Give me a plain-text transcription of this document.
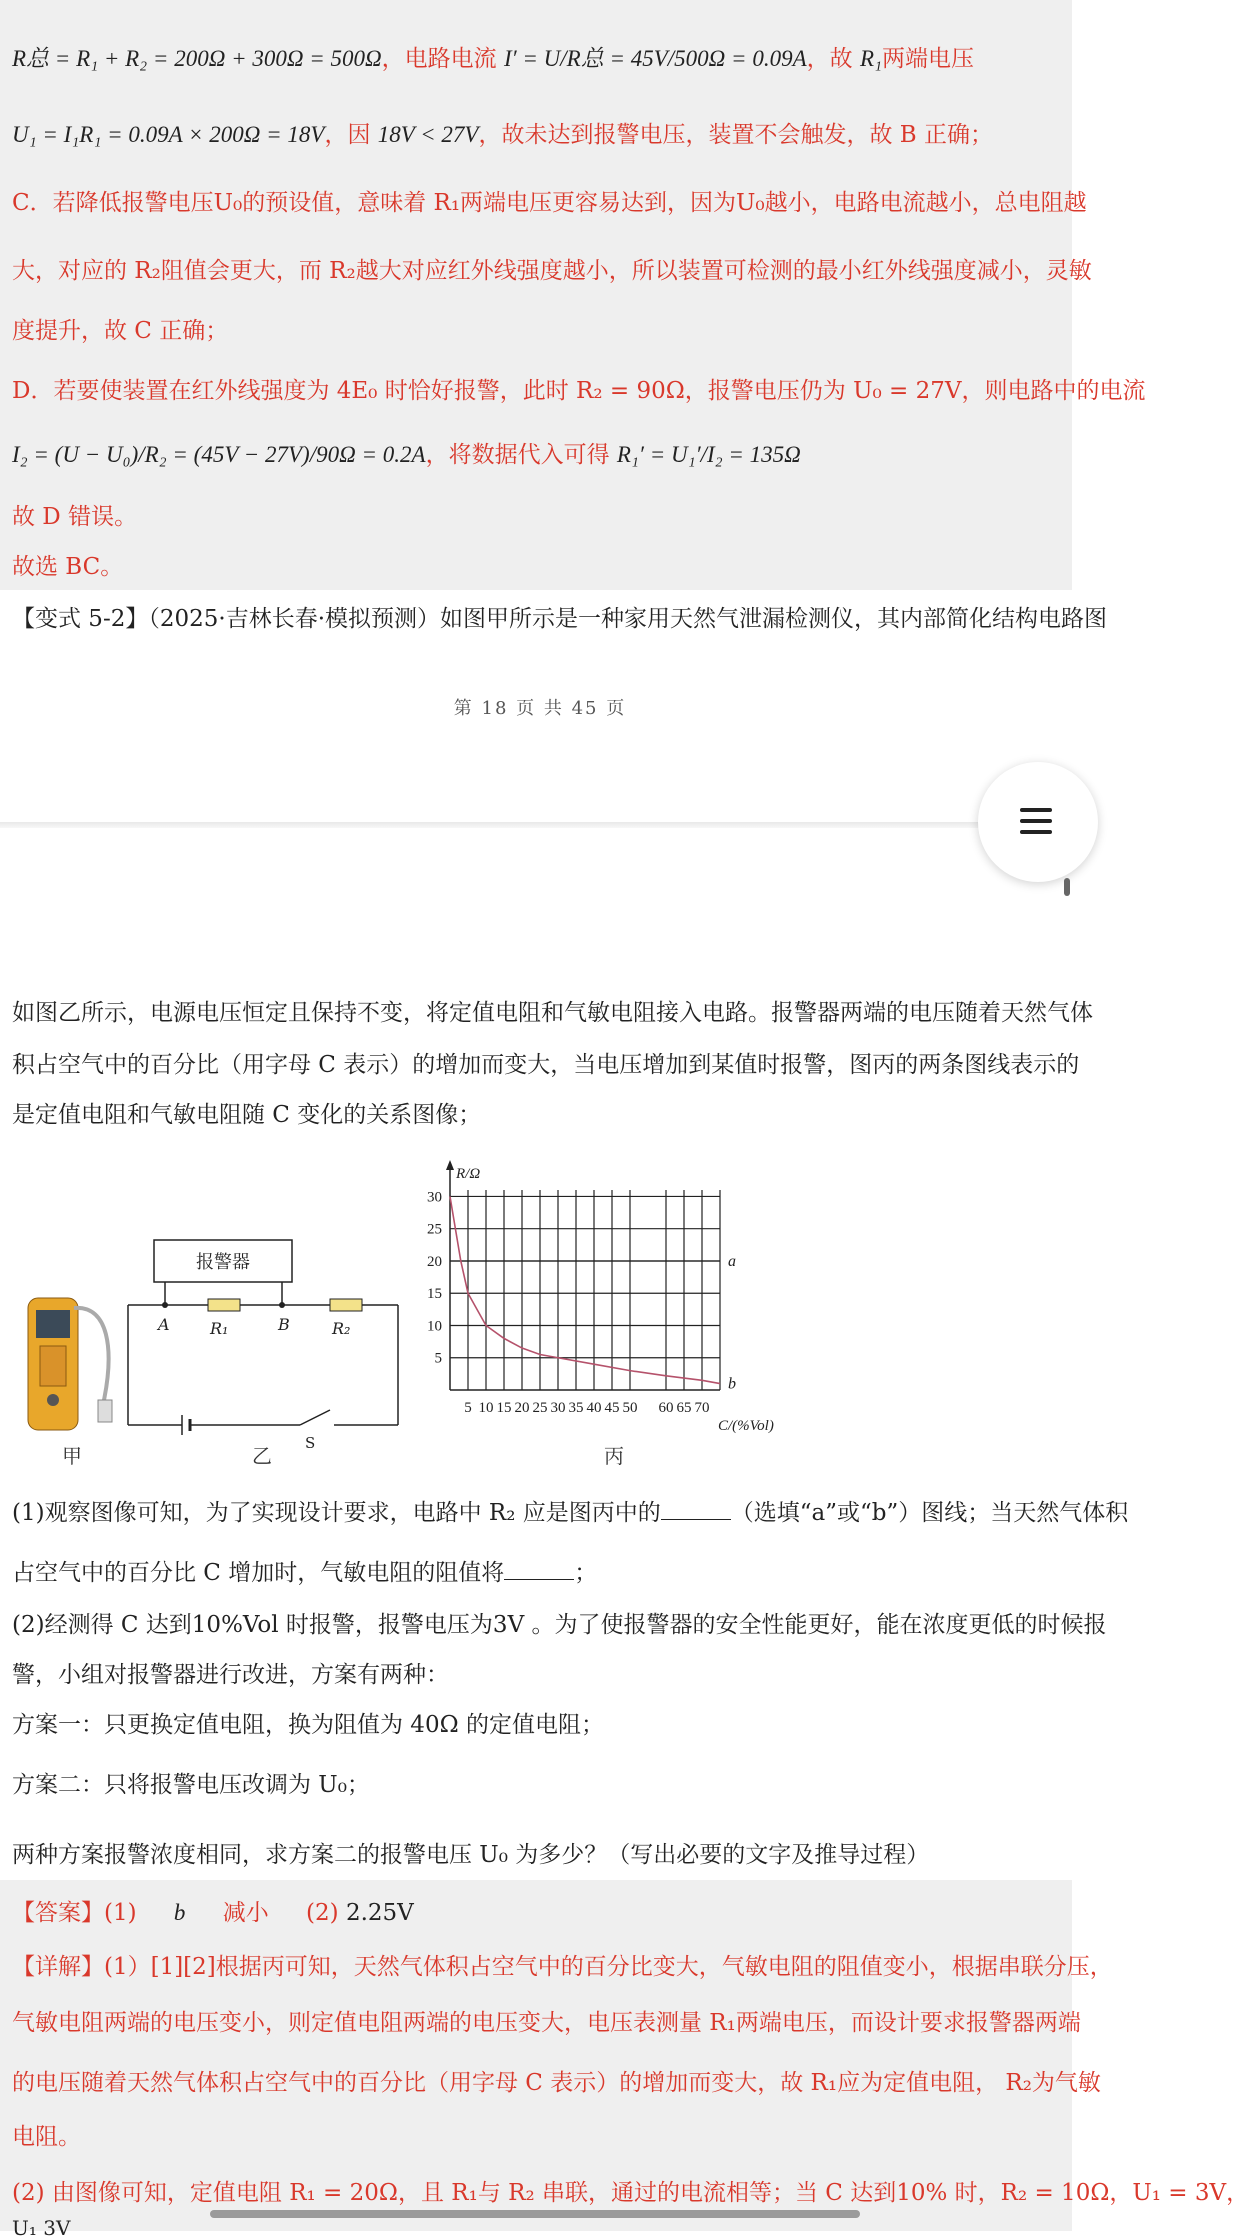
R总 = R₁ + R₂ = 200Ω + 300Ω = 500Ω，电路电流 I′ = U/R总 = 45V/500Ω = 0.09A，故 R₁两端电压
U₁ = I₁R₁ = 0.09A × 200Ω = 18V，因 18V < 27V，故未达到报警电压，装置不会触发，故 B 正确；
C．若降低报警电压U₀的预设值，意味着 R₁两端电压更容易达到，因为U₀越小，电路电流越小，总电阻越
大，对应的 R₂阻值会更大，而 R₂越大对应红外线强度越小，所以装置可检测的最小红外线强度减小，灵敏
度提升，故 C 正确；
D．若要使装置在红外线强度为 4E₀ 时恰好报警，此时 R₂ = 90Ω，报警电压仍为 U₀ = 27V，则电路中的电流
I₂ = (U − U₀)/R₂ = (45V − 27V)/90Ω = 0.2A，将数据代入可得 R₁′ = U₁′/I₂ = 135Ω
故 D 错误。
故选 BC。
【变式 5-2】（2025·吉林长春·模拟预测）如图甲所示是一种家用天然气泄漏检测仪，其内部简化结构电路图
第 18 页 共 45 页
如图乙所示，电源电压恒定且保持不变，将定值电阻和气敏电阻接入电路。报警器两端的电压随着天然气体
积占空气中的百分比（用字母 C 表示）的增加而变大，当电压增加到某值时报警，图丙的两条图线表示的
是定值电阻和气敏电阻随 C 变化的关系图像；
报警器
A	B
R₁	R₂
S
5 10 15 20 25 30 35 40 45 50 60 65 70
5
10
15
20
25
30
R/Ω
C/(%Vol)
a
b
甲	乙	丙
(1)观察图像可知，为了实现设计要求，电路中 R₂ 应是图丙中的	（选填“a”或“b”）图线；当天然气体积
占空气中的百分比 C 增加时，气敏电阻的阻值将	；
(2)经测得 C 达到10%Vol 时报警，报警电压为3V 。为了使报警器的安全性能更好，能在浓度更低的时候报
警，小组对报警器进行改进，方案有两种：
方案一：只更换定值电阻，换为阻值为 40Ω 的定值电阻；
方案二：只将报警电压改调为 U₀；
两种方案报警浓度相同，求方案二的报警电压 U₀ 为多少？（写出必要的文字及推导过程）
【答案】(1) b 减小 (2) 2.25V
【详解】(1）[1][2]根据丙可知，天然气体积占空气中的百分比变大，气敏电阻的阻值变小，根据串联分压，
气敏电阻两端的电压变小，则定值电阻两端的电压变大，电压表测量 R₁两端电压，而设计要求报警器两端
的电压随着天然气体积占空气中的百分比（用字母 C 表示）的增加而变大，故 R₁应为定值电阻， R₂为气敏
电阻。
(2) 由图像可知，定值电阻 R₁ = 20Ω，且 R₁与 R₂ 串联，通过的电流相等；当 C 达到10% 时，R₂ = 10Ω，U₁ = 3V，
U₁ 3V
